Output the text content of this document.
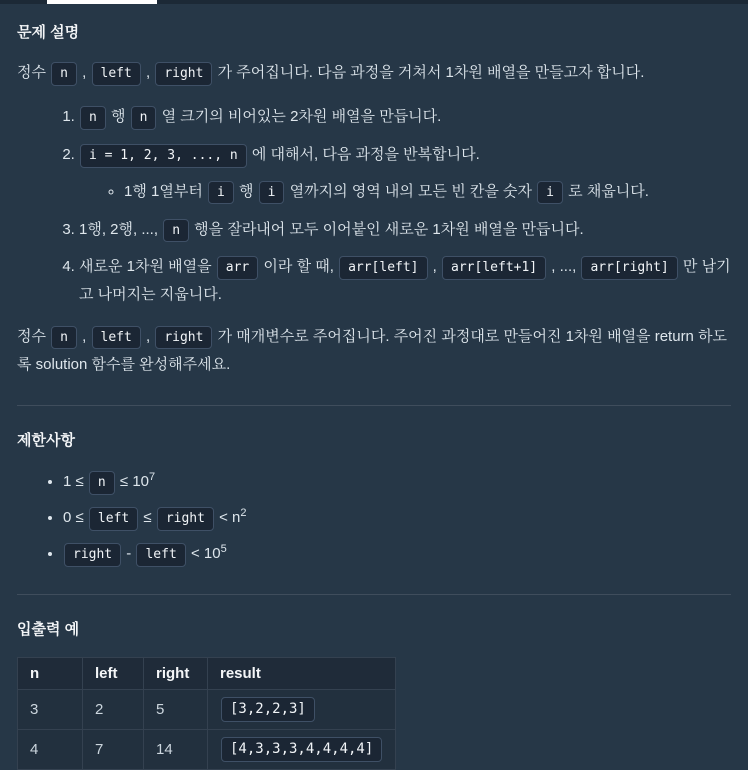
문제 설명

정수 n , left , right 가 주어집니다. 다음 과정을 거쳐서 1차원 배열을 만들고자 합니다.

1. n 행 n 열 크기의 비어있는 2차원 배열을 만듭니다.
2. i = 1, 2, 3, ..., n 에 대해서, 다음 과정을 반복합니다.
◦ 1행 1열부터 i 행 i 열까지의 영역 내의 모든 빈 칸을 숫자 i 로 채웁니다.
3. 1행, 2행, ..., n 행을 잘라내어 모두 이어붙인 새로운 1차원 배열을 만듭니다.
4. 새로운 1차원 배열을 arr 이라 할 때, arr[left] , arr[left+1] , ..., arr[right] 만 남기고 나머지는 지웁니다.

정수 n , left , right 가 매개변수로 주어집니다. 주어진 과정대로 만들어진 1차원 배열을 return 하도록 solution 함수를 완성해주세요.

제한사항
• $1 \le n \le 10^7$
• 0 ≤ left ≤ right < $n^2$
• right - left < $10^5$
입출력 예
n	left	right	result
3	2	5	[3,2,2,3]
4	7	14	[4,3,3,3,4,4,4,4]
